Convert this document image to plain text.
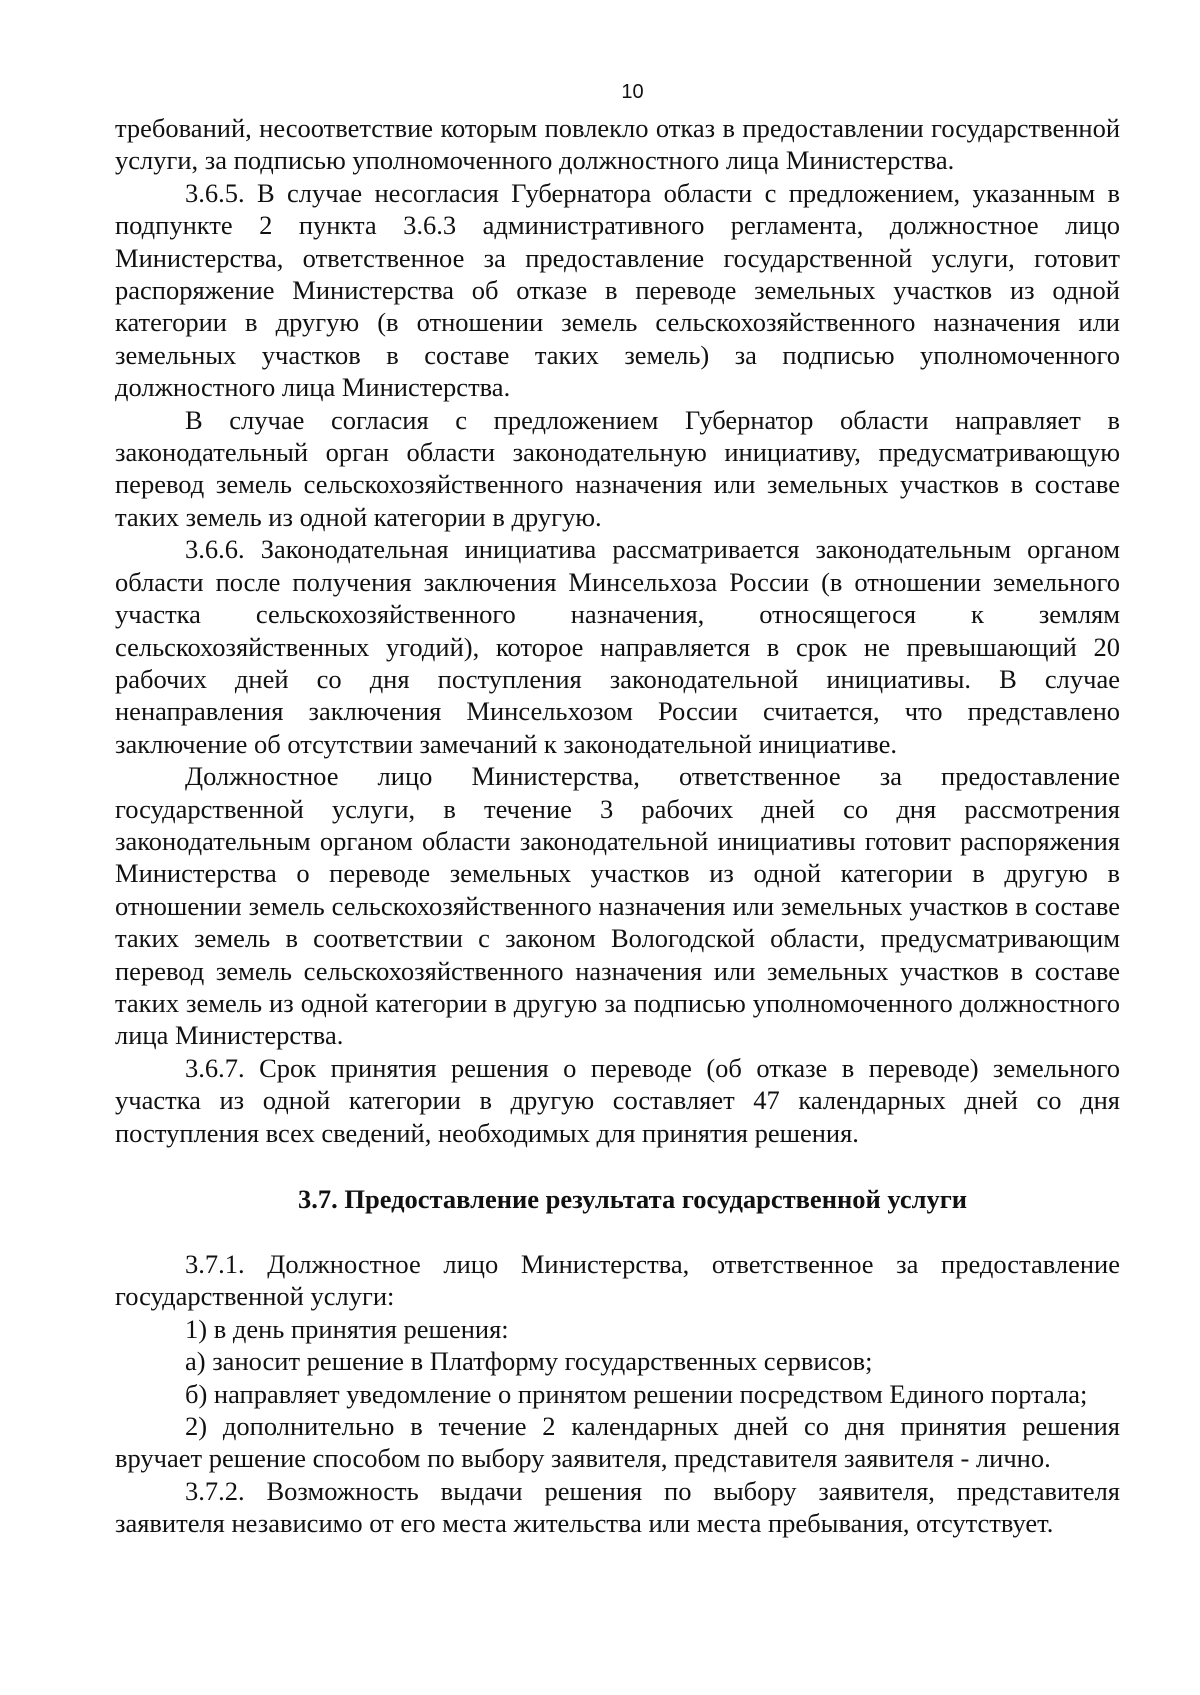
10

требований, несоответствие которым повлекло отказ в предоставлении государственной услуги, за подписью уполномоченного должностного лица Министерства.

3.6.5. В случае несогласия Губернатора области с предложением, указанным в подпункте 2 пункта 3.6.3 административного регламента, должностное лицо Министерства, ответственное за предоставление государственной услуги, готовит распоряжение Министерства об отказе в переводе земельных участков из одной категории в другую (в отношении земель сельскохозяйственного назначения или земельных участков в составе таких земель) за подписью уполномоченного должностного лица Министерства.

В случае согласия с предложением Губернатор области направляет в законодательный орган области законодательную инициативу, предусматривающую перевод земель сельскохозяйственного назначения или земельных участков в составе таких земель из одной категории в другую.

3.6.6. Законодательная инициатива рассматривается законодательным органом области после получения заключения Минсельхоза России (в отношении земельного участка сельскохозяйственного назначения, относящегося к землям сельскохозяйственных угодий), которое направляется в срок не превышающий 20 рабочих дней со дня поступления законодательной инициативы. В случае ненаправления заключения Минсельхозом России считается, что представлено заключение об отсутствии замечаний к законодательной инициативе.

Должностное лицо Министерства, ответственное за предоставление государственной услуги, в течение 3 рабочих дней со дня рассмотрения законодательным органом области законодательной инициативы готовит распоряжения Министерства о переводе земельных участков из одной категории в другую в отношении земель сельскохозяйственного назначения или земельных участков в составе таких земель в соответствии с законом Вологодской области, предусматривающим перевод земель сельскохозяйственного назначения или земельных участков в составе таких земель из одной категории в другую за подписью уполномоченного должностного лица Министерства.

3.6.7. Срок принятия решения о переводе (об отказе в переводе) земельного участка из одной категории в другую составляет 47 календарных дней со дня поступления всех сведений, необходимых для принятия решения.

3.7. Предоставление результата государственной услуги

3.7.1. Должностное лицо Министерства, ответственное за предоставление государственной услуги:

1) в день принятия решения:

а) заносит решение в Платформу государственных сервисов;

б) направляет уведомление о принятом решении посредством Единого портала;

2) дополнительно в течение 2 календарных дней со дня принятия решения вручает решение способом по выбору заявителя, представителя заявителя - лично.

3.7.2. Возможность выдачи решения по выбору заявителя, представителя заявителя независимо от его места жительства или места пребывания, отсутствует.
